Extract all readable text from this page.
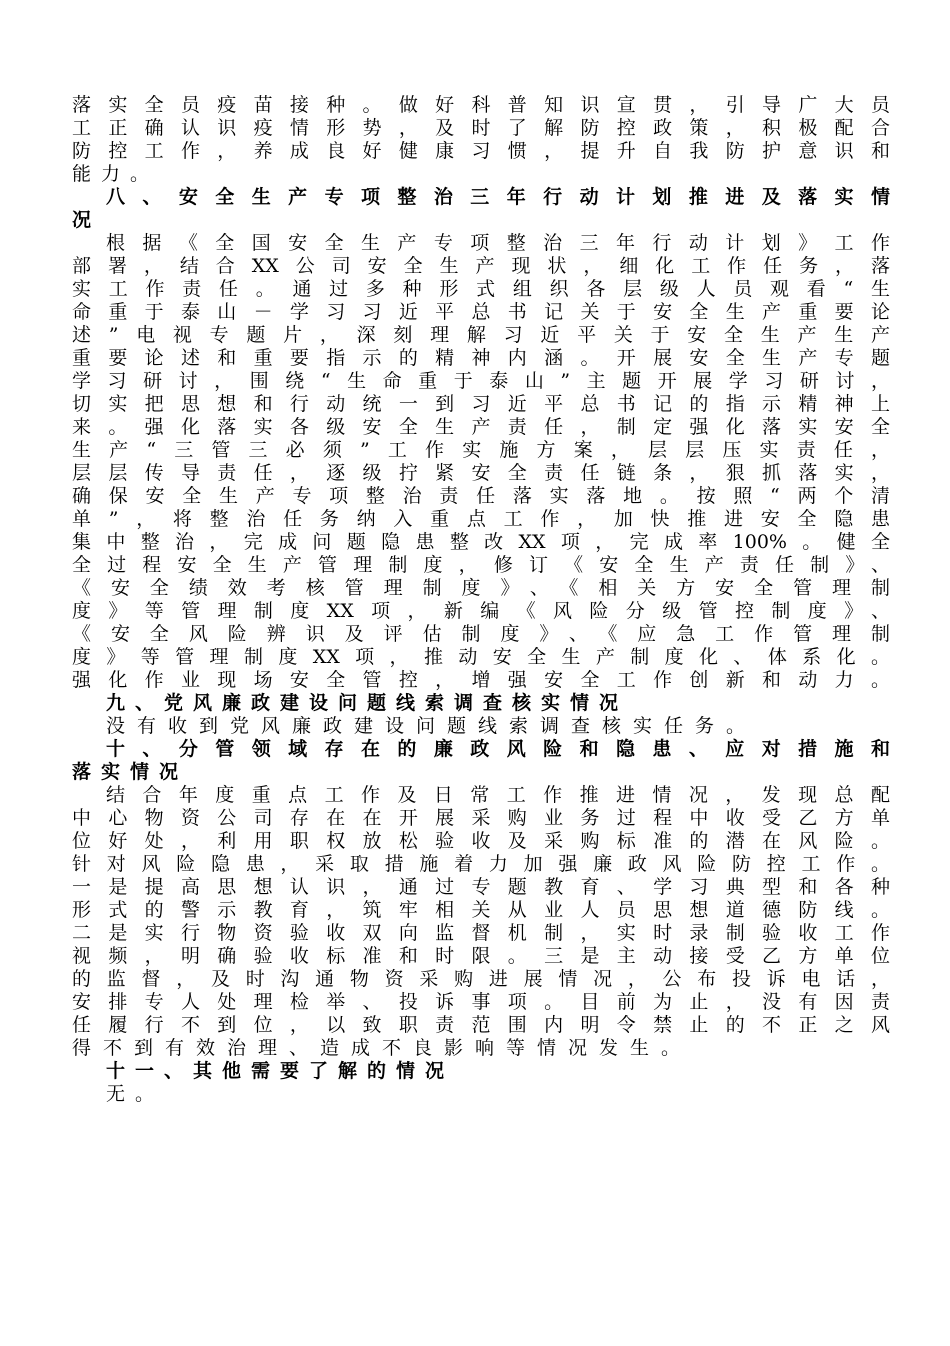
落实全员疫苗接种。做好科普知识宣贯，引导广大员
工正确认识疫情形势，及时了解防控政策，积极配合
防控工作，养成良好健康习惯，提升自我防护意识和
能力。
八、安全生产专项整治三年行动计划推进及落实情
况
根据《全国安全生产专项整治三年行动计划》工作
部署，结合XX公司安全生产现状，细化工作任务，落
实工作责任。通过多种形式组织各层级人员观看“生
命重于泰山－学习习近平总书记关于安全生产重要论
述”电视专题片，深刻理解习近平关于安全生产生产
重要论述和重要指示的精神内涵。开展安全生产专题
学习研讨，围绕“生命重于泰山”主题开展学习研讨，
切实把思想和行动统一到习近平总书记的指示精神上
来。强化落实各级安全生产责任，制定强化落实安全
生产“三管三必须”工作实施方案，层层压实责任，
层层传导责任，逐级拧紧安全责任链条，狠抓落实，
确保安全生产专项整治责任落实落地。按照“两个清
单”，将整治任务纳入重点工作，加快推进安全隐患
集中整治，完成问题隐患整改XX项，完成率100%。健全
全过程安全生产管理制度，修订《安全生产责任制》、
《安全绩效考核管理制度》、《相关方安全管理制
度》等管理制度XX项，新编《风险分级管控制度》、
《安全风险辨识及评估制度》、《应急工作管理制
度》等管理制度XX项，推动安全生产制度化、体系化。
强化作业现场安全管控，增强安全工作创新和动力。
九、党风廉政建设问题线索调查核实情况
没有收到党风廉政建设问题线索调查核实任务。
十、分管领域存在的廉政风险和隐患、应对措施和
落实情况
结合年度重点工作及日常工作推进情况，发现总配
中心物资公司存在在开展采购业务过程中收受乙方单
位好处，利用职权放松验收及采购标准的潜在风险。
针对风险隐患，采取措施着力加强廉政风险防控工作。
一是提高思想认识，通过专题教育、学习典型和各种
形式的警示教育，筑牢相关从业人员思想道德防线。
二是实行物资验收双向监督机制，实时录制验收工作
视频，明确验收标准和时限。三是主动接受乙方单位
的监督，及时沟通物资采购进展情况，公布投诉电话，
安排专人处理检举、投诉事项。目前为止，没有因责
任履行不到位，以致职责范围内明令禁止的不正之风
得不到有效治理、造成不良影响等情况发生。
十一、其他需要了解的情况
无。
